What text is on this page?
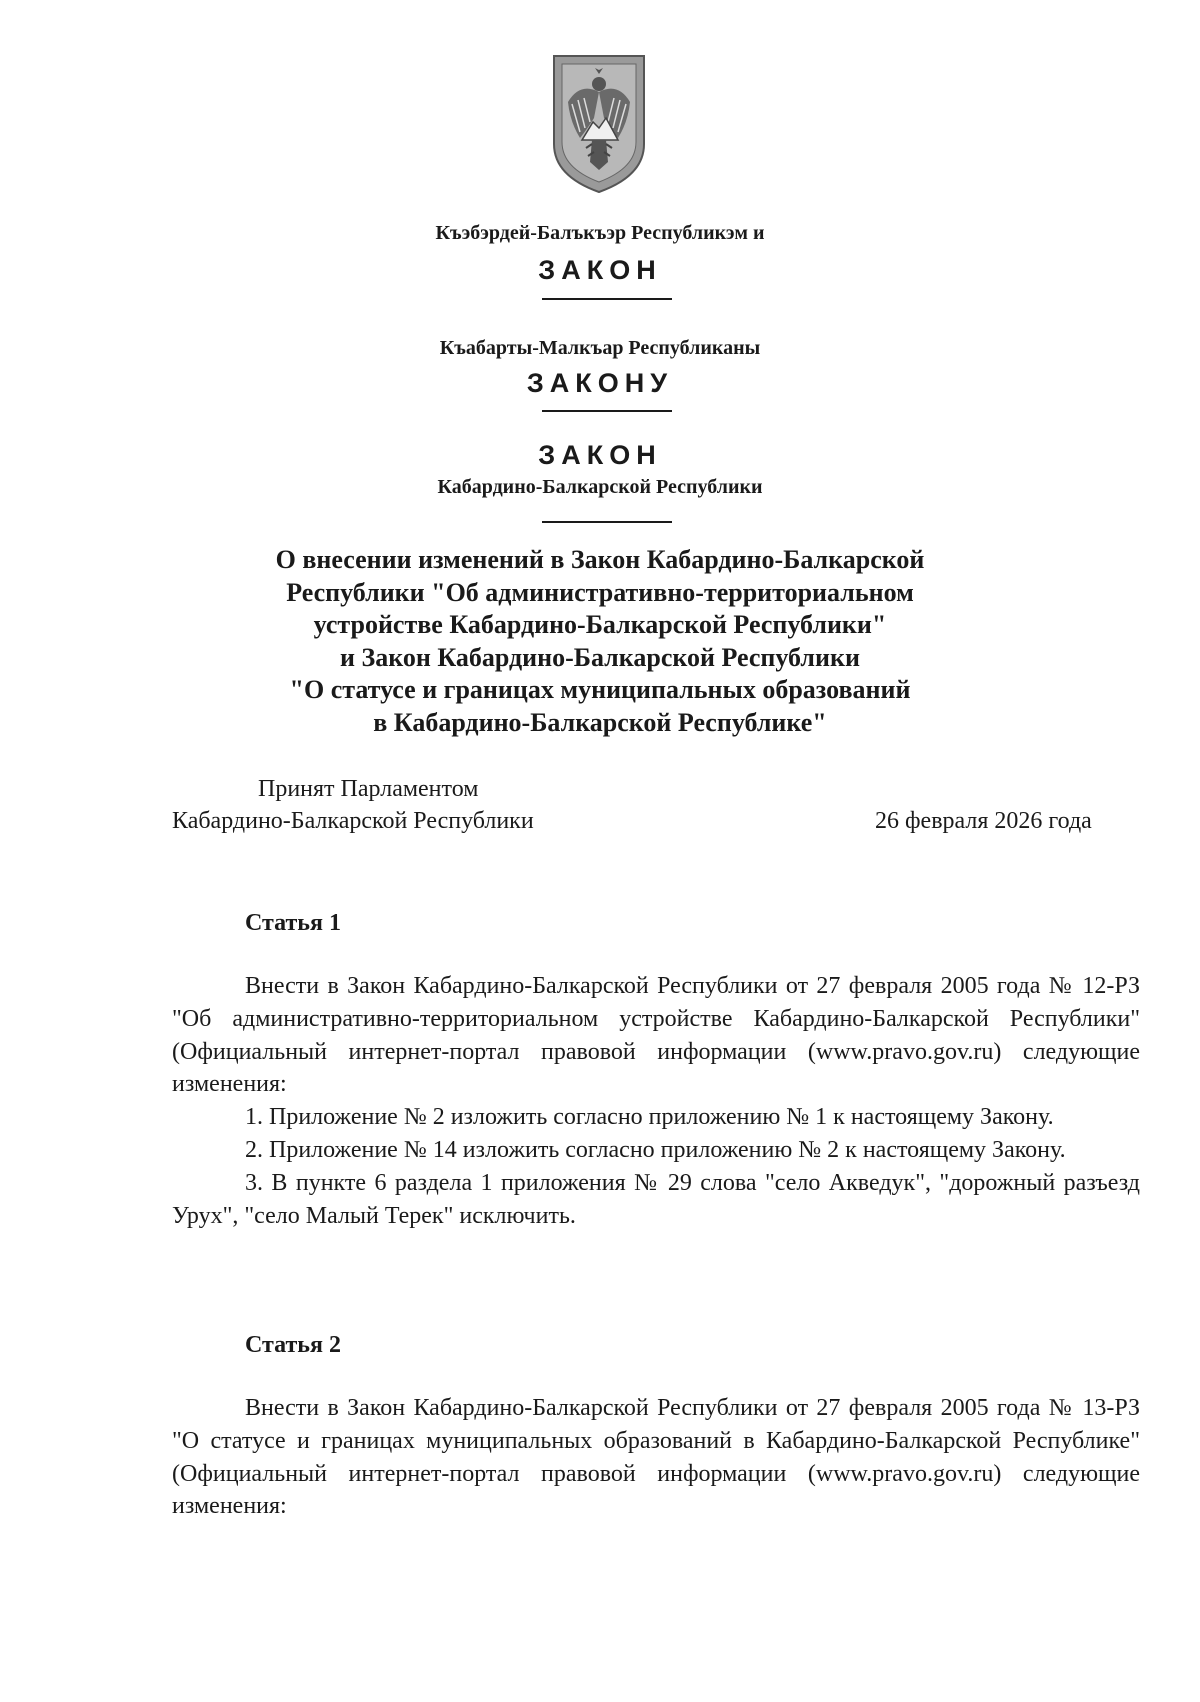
Къэбэрдей-Балъкъэр Республикэм и
ЗАКОН
Къабарты-Малкъар Республиканы
ЗАКОНУ
ЗАКОН
Кабардино-Балкарской Республики
О внесении изменений в Закон Кабардино-Балкарской
Республики "Об административно-территориальном
устройстве Кабардино-Балкарской Республики"
и Закон Кабардино-Балкарской Республики
"О статусе и границах муниципальных образований
в Кабардино-Балкарской Республике"
Принят Парламентом
Кабардино-Балкарской Республики	26 февраля 2026 года
Статья 1

Внести в Закон Кабардино-Балкарской Республики от 27 февраля 2005 года № 12-РЗ "Об административно-территориальном устройстве Кабардино-Балкарской Республики" (Официальный интернет-портал правовой информации (www.pravo.gov.ru) следующие изменения:

1. Приложение № 2 изложить согласно приложению № 1 к настоящему Закону.

2. Приложение № 14 изложить согласно приложению № 2 к настоящему Закону.

3. В пункте 6 раздела 1 приложения № 29 слова "село Акведук", "дорожный разъезд Урух", "село Малый Терек" исключить.

Статья 2

Внести в Закон Кабардино-Балкарской Республики от 27 февраля 2005 года № 13-РЗ "О статусе и границах муниципальных образований в Кабардино-Балкарской Республике" (Официальный интернет-портал правовой информации (www.pravo.gov.ru) следующие изменения:
